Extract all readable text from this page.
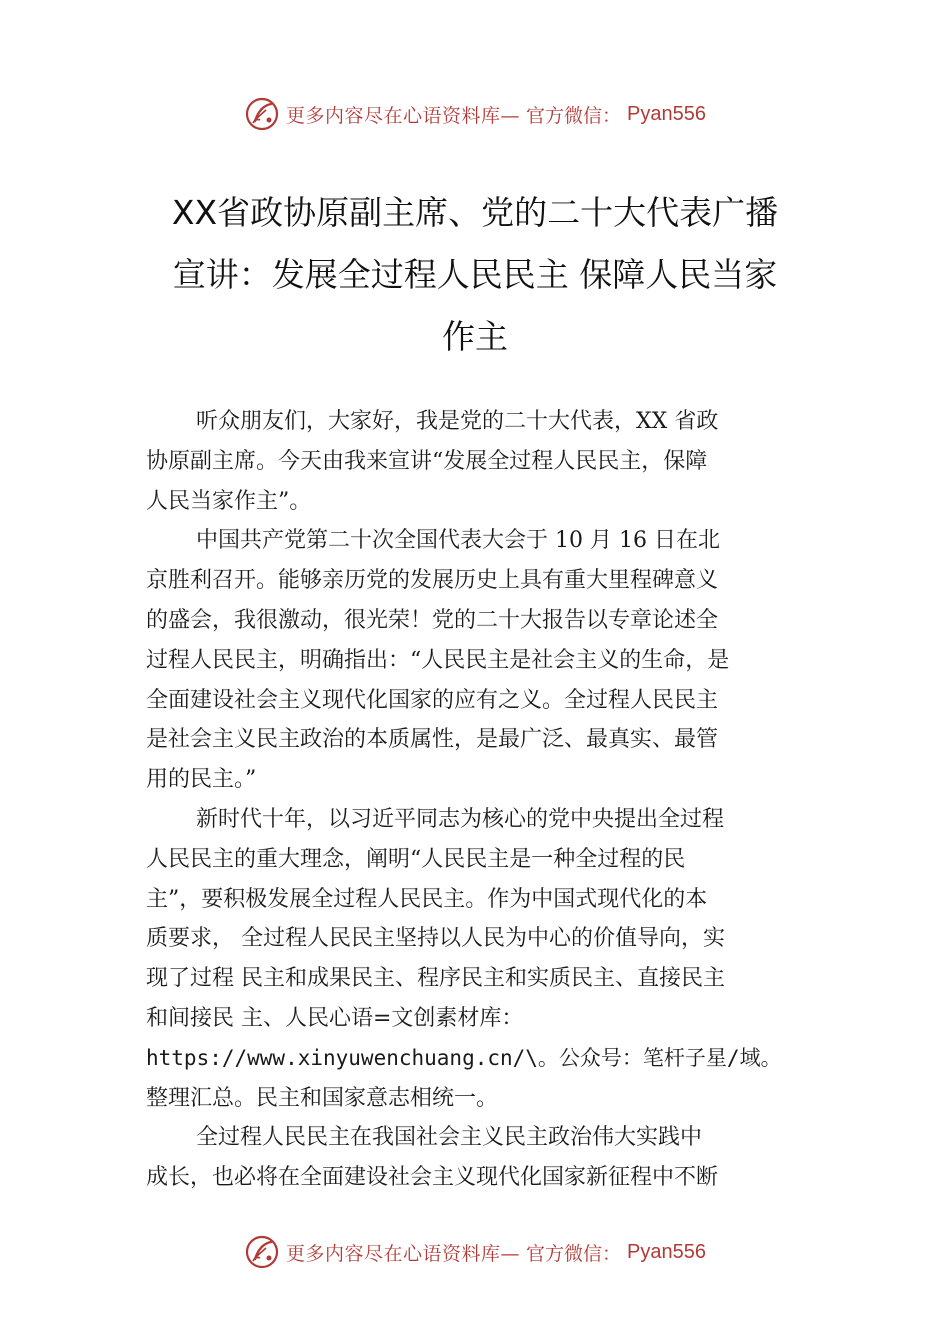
更多内容尽在心语资料库— 官方微信： Pyan556
XX省政协原副主席、党的二十大代表广播
宣讲：发展全过程人民民主 保障人民当家
作主
听众朋友们，大家好，我是党的二十大代表，XX 省政
协原副主席。今天由我来宣讲“发展全过程人民民主，保障
人民当家作主”。
中国共产党第二十次全国代表大会于 10 月 16 日在北
京胜利召开。能够亲历党的发展历史上具有重大里程碑意义
的盛会，我很激动，很光荣！党的二十大报告以专章论述全
过程人民民主，明确指出：“人民民主是社会主义的生命，是
全面建设社会主义现代化国家的应有之义。全过程人民民主
是社会主义民主政治的本质属性，是最广泛、最真实、最管
用的民主。”
新时代十年，以习近平同志为核心的党中央提出全过程
人民民主的重大理念，阐明“人民民主是一种全过程的民
主”，要积极发展全过程人民民主。作为中国式现代化的本
质要求， 全过程人民民主坚持以人民为中心的价值导向，实
现了过程 民主和成果民主、程序民主和实质民主、直接民主
和间接民 主、人民心语=文创素材库：
https://www.xinyuwenchuang.cn/\。公众号：笔杆子星/域。
整理汇总。民主和国家意志相统一。
全过程人民民主在我国社会主义民主政治伟大实践中
成长，也必将在全面建设社会主义现代化国家新征程中不断
更多内容尽在心语资料库— 官方微信： Pyan556
